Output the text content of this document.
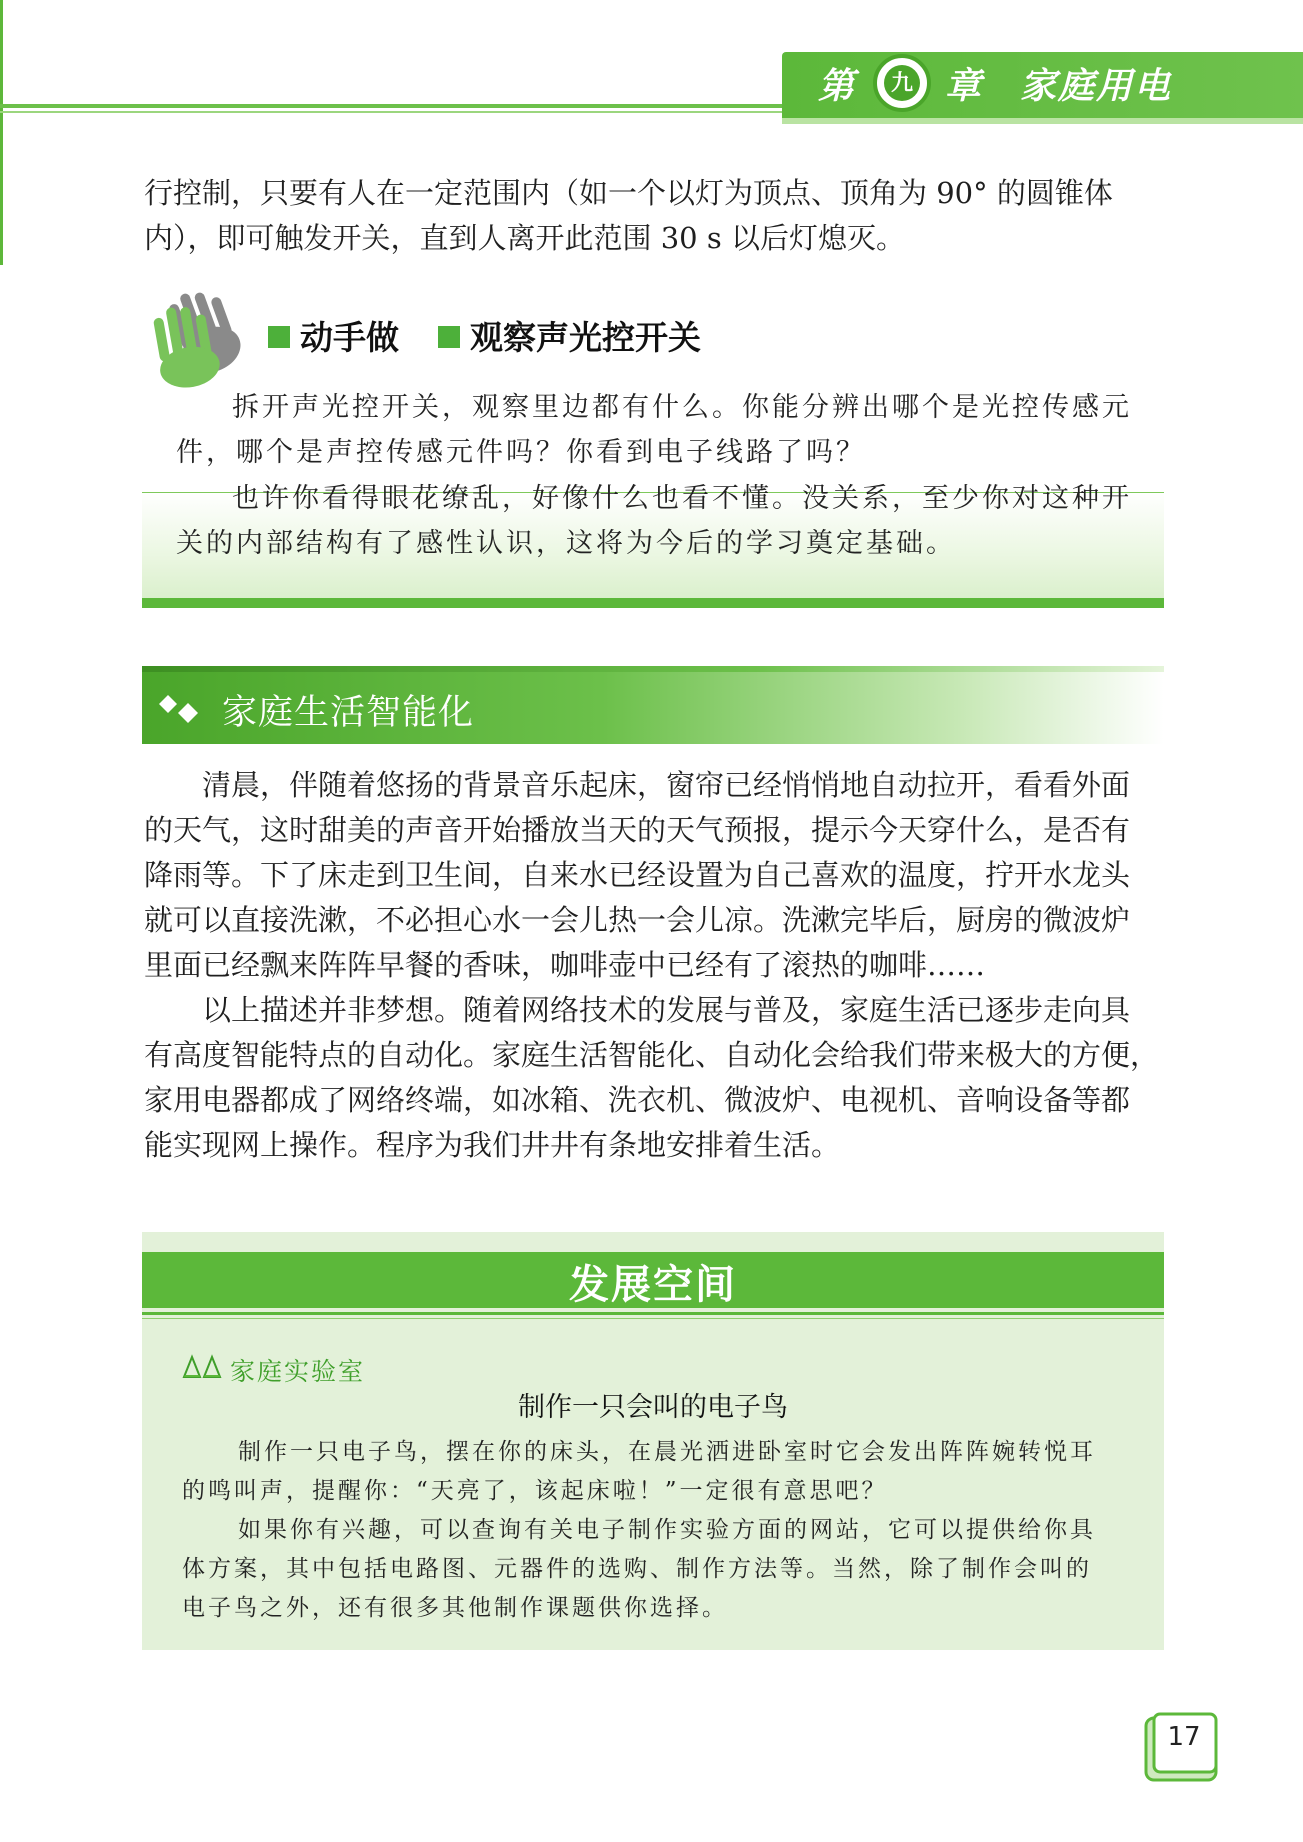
第	九 章 家庭用电
行控制，只要有人在一定范围内（如一个以灯为顶点、顶角为 90° 的圆锥体
内），即可触发开关，直到人离开此范围 30 s 以后灯熄灭。
动手做 观察声光控开关
拆开声光控开关，观察里边都有什么。你能分辨出哪个是光控传感元
件，哪个是声控传感元件吗？你看到电子线路了吗？
也许你看得眼花缭乱，好像什么也看不懂。没关系，至少你对这种开
关的内部结构有了感性认识，这将为今后的学习奠定基础。
家庭生活智能化
清晨，伴随着悠扬的背景音乐起床，窗帘已经悄悄地自动拉开，看看外面
的天气，这时甜美的声音开始播放当天的天气预报，提示今天穿什么，是否有
降雨等。下了床走到卫生间，自来水已经设置为自己喜欢的温度，拧开水龙头
就可以直接洗漱，不必担心水一会儿热一会儿凉。洗漱完毕后，厨房的微波炉
里面已经飘来阵阵早餐的香味，咖啡壶中已经有了滚热的咖啡……
以上描述并非梦想。随着网络技术的发展与普及，家庭生活已逐步走向具
有高度智能特点的自动化。家庭生活智能化、自动化会给我们带来极大的方便，
家用电器都成了网络终端，如冰箱、洗衣机、微波炉、电视机、音响设备等都
能实现网上操作。程序为我们井井有条地安排着生活。
发展空间
家庭实验室
制作一只会叫的电子鸟
制作一只电子鸟，摆在你的床头，在晨光洒进卧室时它会发出阵阵婉转悦耳
的鸣叫声，提醒你：“天亮了，该起床啦！”一定很有意思吧？
如果你有兴趣，可以查询有关电子制作实验方面的网站，它可以提供给你具
体方案，其中包括电路图、元器件的选购、制作方法等。当然，除了制作会叫的
电子鸟之外，还有很多其他制作课题供你选择。
17
